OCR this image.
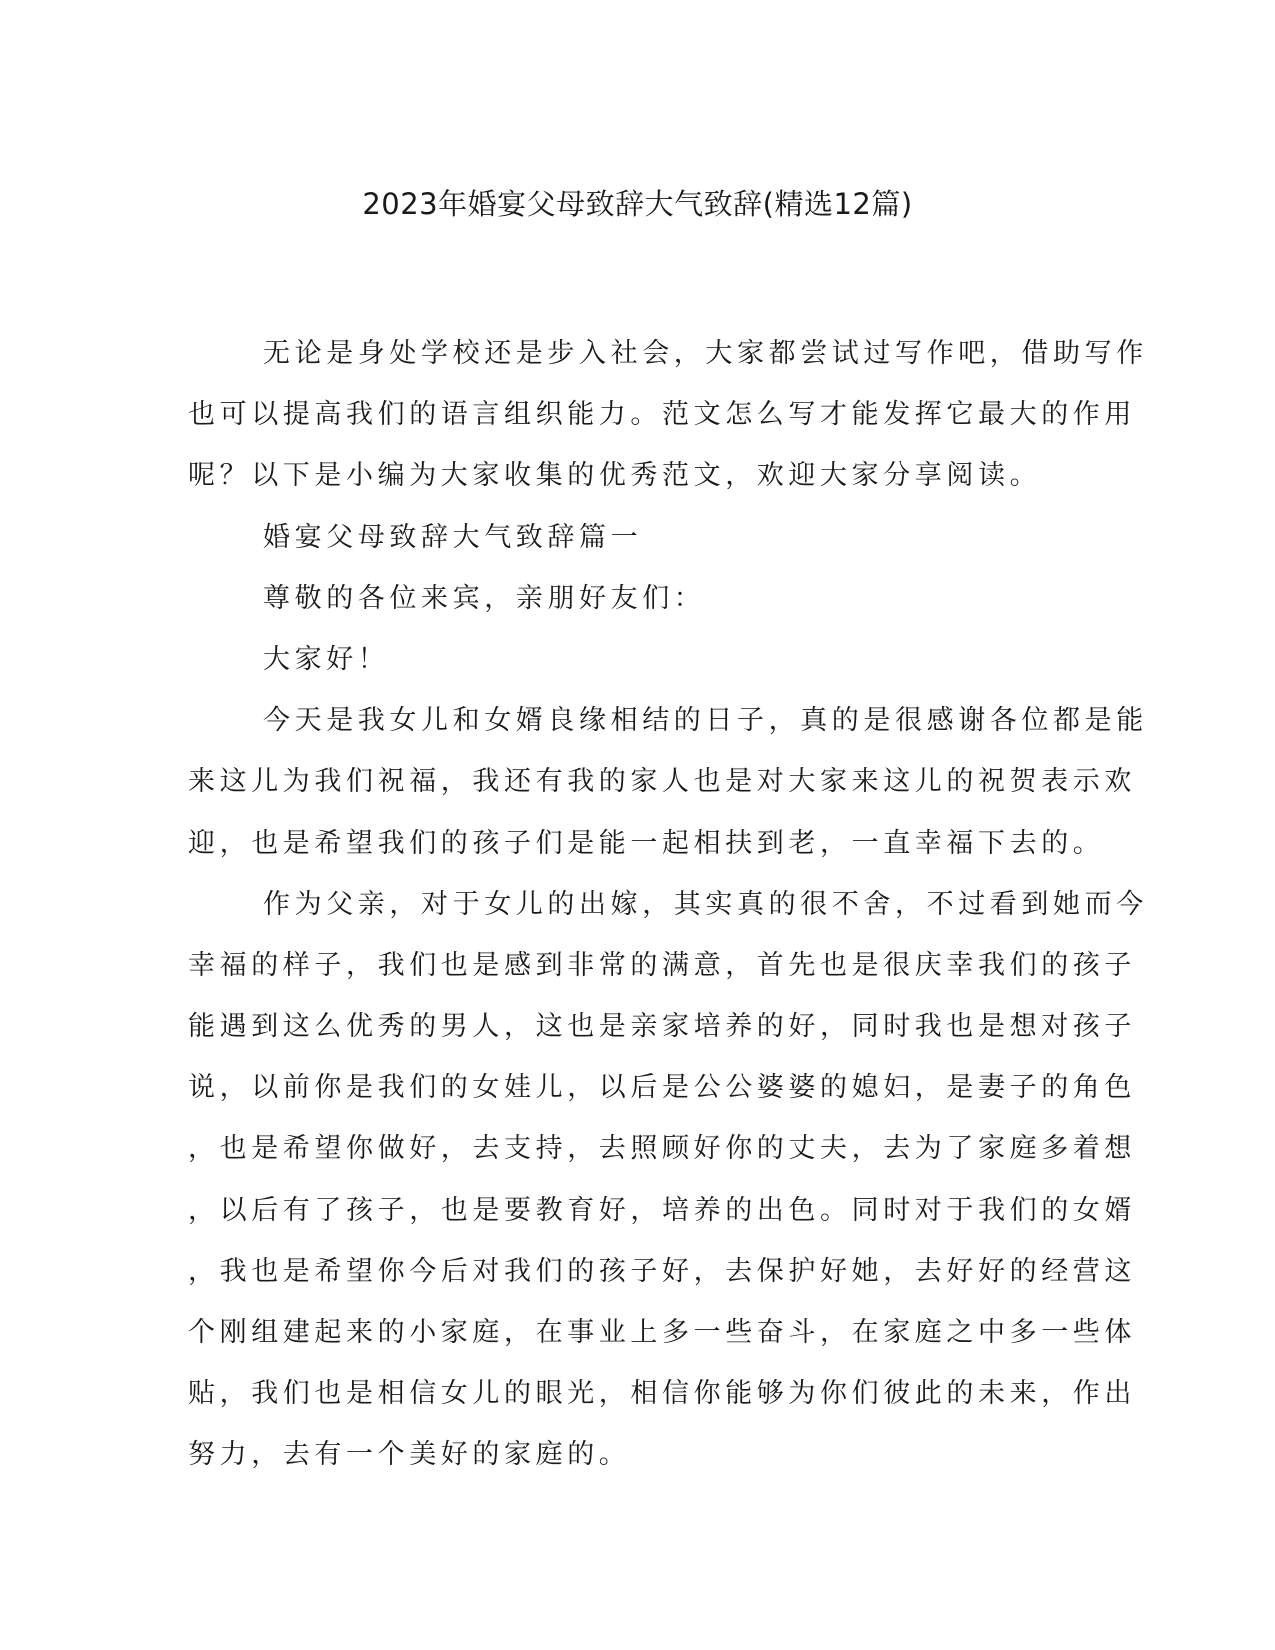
2023年婚宴父母致辞大气致辞(精选12篇)
无论是身处学校还是步入社会，大家都尝试过写作吧，借助写作
也可以提高我们的语言组织能力。范文怎么写才能发挥它最大的作用
呢？以下是小编为大家收集的优秀范文，欢迎大家分享阅读。
婚宴父母致辞大气致辞篇一
尊敬的各位来宾，亲朋好友们：
大家好！
今天是我女儿和女婿良缘相结的日子，真的是很感谢各位都是能
来这儿为我们祝福，我还有我的家人也是对大家来这儿的祝贺表示欢
迎，也是希望我们的孩子们是能一起相扶到老，一直幸福下去的。
作为父亲，对于女儿的出嫁，其实真的很不舍，不过看到她而今
幸福的样子，我们也是感到非常的满意，首先也是很庆幸我们的孩子
能遇到这么优秀的男人，这也是亲家培养的好，同时我也是想对孩子
说，以前你是我们的女娃儿，以后是公公婆婆的媳妇，是妻子的角色
，也是希望你做好，去支持，去照顾好你的丈夫，去为了家庭多着想
，以后有了孩子，也是要教育好，培养的出色。同时对于我们的女婿
，我也是希望你今后对我们的孩子好，去保护好她，去好好的经营这
个刚组建起来的小家庭，在事业上多一些奋斗，在家庭之中多一些体
贴，我们也是相信女儿的眼光，相信你能够为你们彼此的未来，作出
努力，去有一个美好的家庭的。
